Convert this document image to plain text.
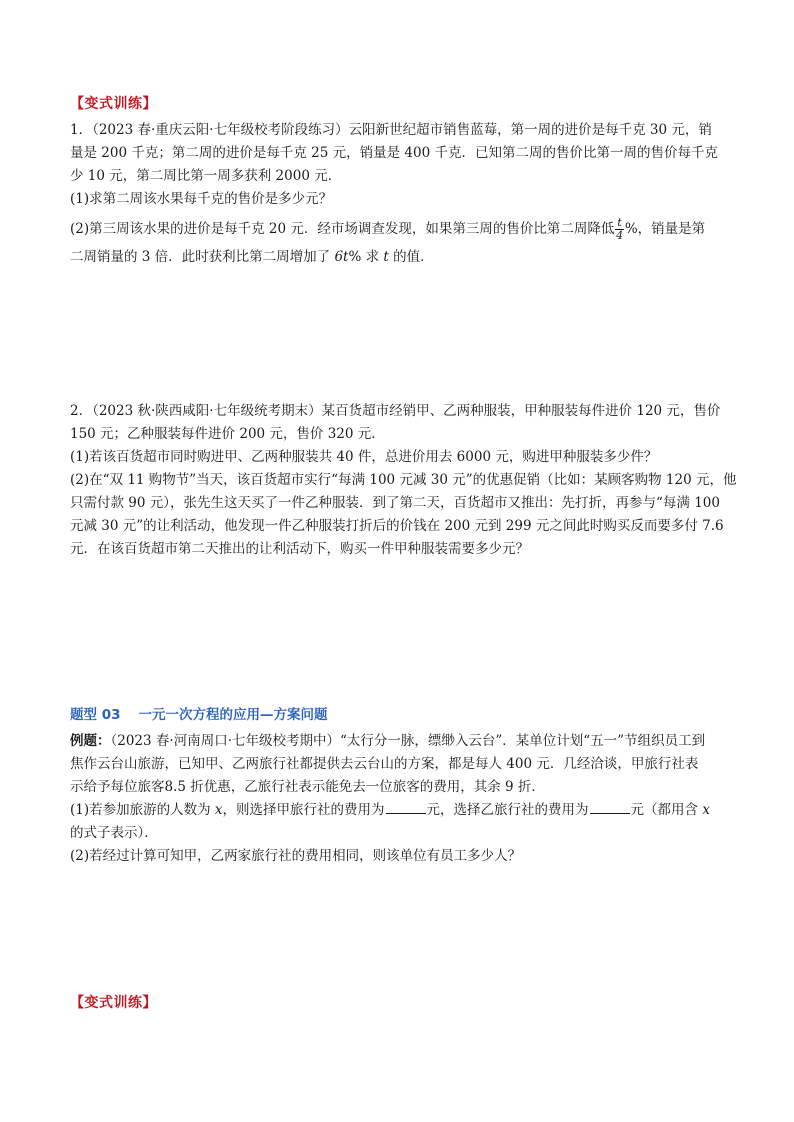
【变式训练】
1．（2023 春·重庆云阳·七年级校考阶段练习）云阳新世纪超市销售蓝莓，第一周的进价是每千克 30 元，销
量是 200 千克；第二周的进价是每千克 25 元，销量是 400 千克．已知第二周的售价比第一周的售价每千克
少 10 元，第二周比第一周多获利 2000 元．
(1)求第二周该水果每千克的售价是多少元？
(2)第三周该水果的进价是每千克 20 元．经市场调查发现，如果第三周的售价比第二周降低 $\frac{t}{4}$ %，销量是第
二周销量的 3 倍．此时获利比第二周增加了 6t% 求 t 的值．
2．（2023 秋·陕西咸阳·七年级统考期末）某百货超市经销甲、乙两种服装，甲种服装每件进价 120 元，售价
150 元；乙种服装每件进价 200 元，售价 320 元．
(1)若该百货超市同时购进甲、乙两种服装共 40 件，总进价用去 6000 元，购进甲种服装多少件？
(2)在“双 11 购物节”当天，该百货超市实行“每满 100 元减 30 元”的优惠促销（比如：某顾客购物 120 元，他
只需付款 90 元），张先生这天买了一件乙种服装．到了第二天，百货超市又推出：先打折，再参与“每满 100
元减 30 元”的让利活动，他发现一件乙种服装打折后的价钱在 200 元到 299 元之间此时购买反而要多付 7.6
元．在该百货超市第二天推出的让利活动下，购买一件甲种服装需要多少元？
题型 03 一元一次方程的应用—方案问题
例题：（2023 春·河南周口·七年级校考期中）“太行分一脉，缥缈入云台”．某单位计划“五一”节组织员工到
焦作云台山旅游，已知甲、乙两旅行社都提供去云台山的方案，都是每人 400 元．几经洽谈，甲旅行社表
示给予每位旅客8.5 折优惠，乙旅行社表示能免去一位旅客的费用，其余 9 折．
(1)若参加旅游的人数为 x，则选择甲旅行社的费用为	元，选择乙旅行社的费用为	元（都用含 x
的式子表示）．
(2)若经过计算可知甲，乙两家旅行社的费用相同，则该单位有员工多少人？
【变式训练】
